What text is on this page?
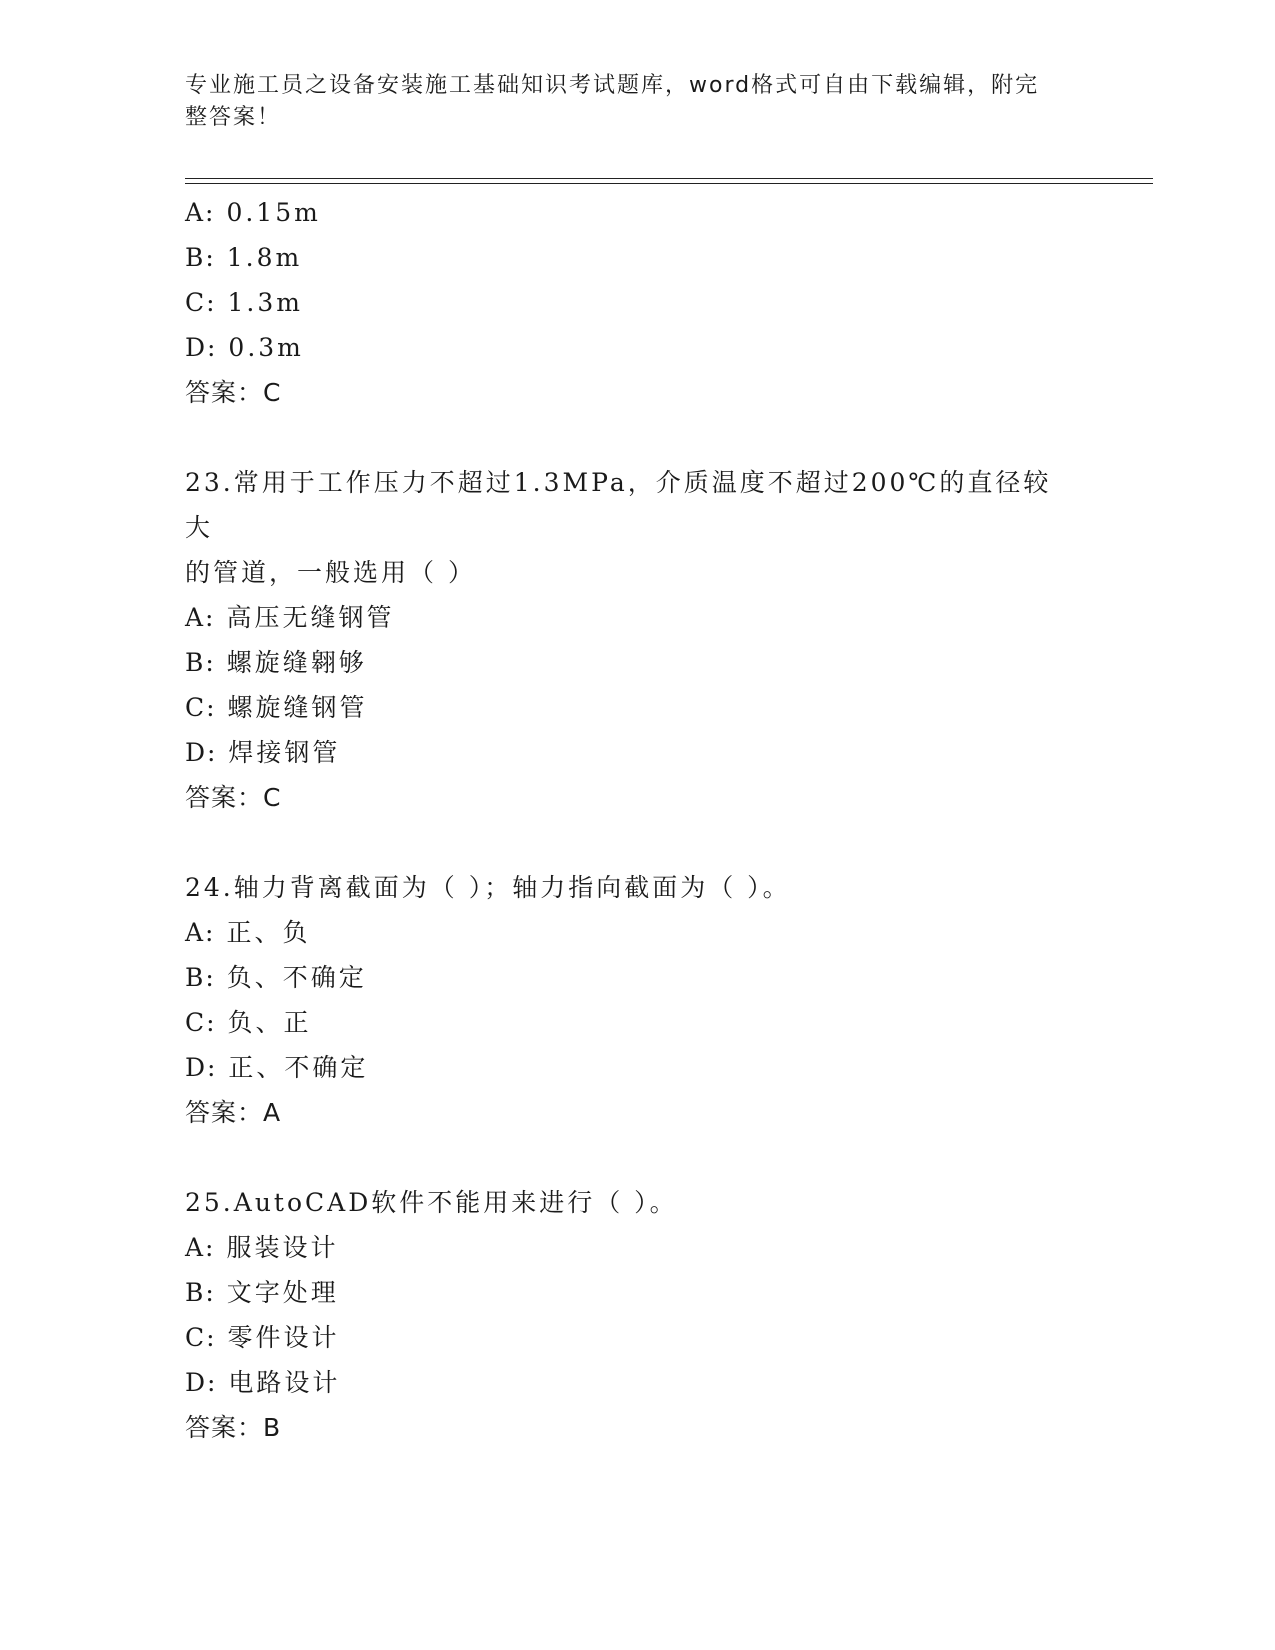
专业施工员之设备安装施工基础知识考试题库，word格式可自由下载编辑，附完
整答案！
A: 0.15m
B: 1.8m
C: 1.3m
D: 0.3m
答案：C
23.常用于工作压力不超过1.3MPa，介质温度不超过200℃的直径较大
的管道，一般选用（ ）
A: 高压无缝钢管
B: 螺旋缝翱够
C: 螺旋缝钢管
D: 焊接钢管
答案：C
24.轴力背离截面为（ ）；轴力指向截面为（ ）。
A: 正、负
B: 负、不确定
C: 负、正
D: 正、不确定
答案：A
25.AutoCAD软件不能用来进行（ ）。
A: 服装设计
B: 文字处理
C: 零件设计
D: 电路设计
答案：B
